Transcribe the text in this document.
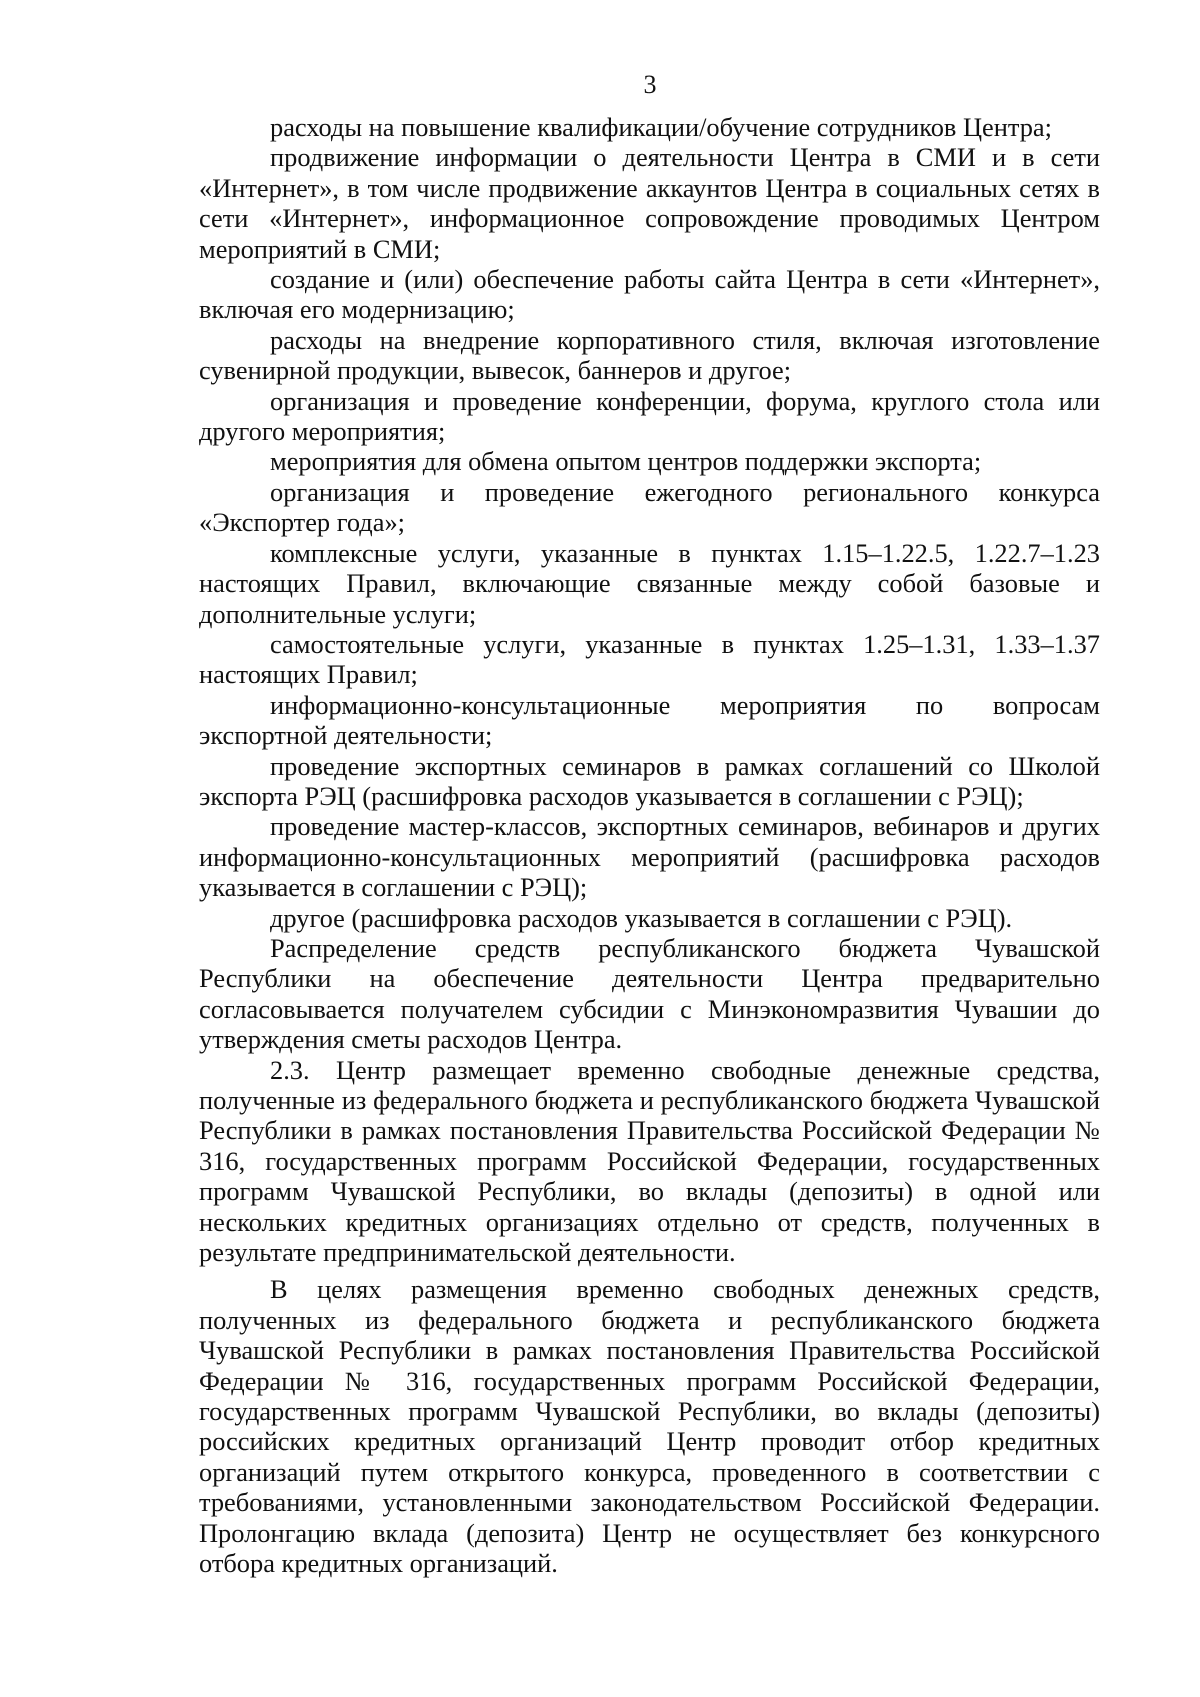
3

расходы на повышение квалификации/обучение сотрудников Центра;

продвижение информации о деятельности Центра в СМИ и в сети «Интернет», в том числе продвижение аккаунтов Центра в социальных сетях в сети «Интернет», информационное сопровождение проводимых Центром мероприятий в СМИ;

создание и (или) обеспечение работы сайта Центра в сети «Интернет», включая его модернизацию;

расходы на внедрение корпоративного стиля, включая изготовление сувенирной продукции, вывесок, баннеров и другое;

организация и проведение конференции, форума, круглого стола или другого мероприятия;

мероприятия для обмена опытом центров поддержки экспорта;

организация и проведение ежегодного регионального конкурса «Экспортер года»;

комплексные услуги, указанные в пунктах 1.15–1.22.5, 1.22.7–1.23 настоящих Правил, включающие связанные между собой базовые и дополнительные услуги;

самостоятельные услуги, указанные в пунктах 1.25–1.31, 1.33–1.37 настоящих Правил;

информационно-консультационные мероприятия по вопросам экспортной деятельности;

проведение экспортных семинаров в рамках соглашений со Школой экспорта РЭЦ (расшифровка расходов указывается в соглашении с РЭЦ);

проведение мастер-классов, экспортных семинаров, вебинаров и других информационно-консультационных мероприятий (расшифровка расходов указывается в соглашении с РЭЦ);

другое (расшифровка расходов указывается в соглашении с РЭЦ).

Распределение средств республиканского бюджета Чувашской Республики на обеспечение деятельности Центра предварительно согласовывается получателем субсидии с Минэкономразвития Чувашии до утверждения сметы расходов Центра.

2.3. Центр размещает временно свободные денежные средства, полученные из федерального бюджета и республиканского бюджета Чувашской Республики в рамках постановления Правительства Российской Федерации № 316, государственных программ Российской Федерации, государственных программ Чувашской Республики, во вклады (депозиты) в одной или нескольких кредитных организациях отдельно от средств, полученных в результате предпринимательской деятельности.

В целях размещения временно свободных денежных средств, полученных из федерального бюджета и республиканского бюджета Чувашской Республики в рамках постановления Правительства Российской Федерации № 316, государственных программ Российской Федерации, государственных программ Чувашской Республики, во вклады (депозиты) российских кредитных организаций Центр проводит отбор кредитных организаций путем открытого конкурса, проведенного в соответствии с требованиями, установленными законодательством Российской Федерации. Пролонгацию вклада (депозита) Центр не осуществляет без конкурсного отбора кредитных организаций.
